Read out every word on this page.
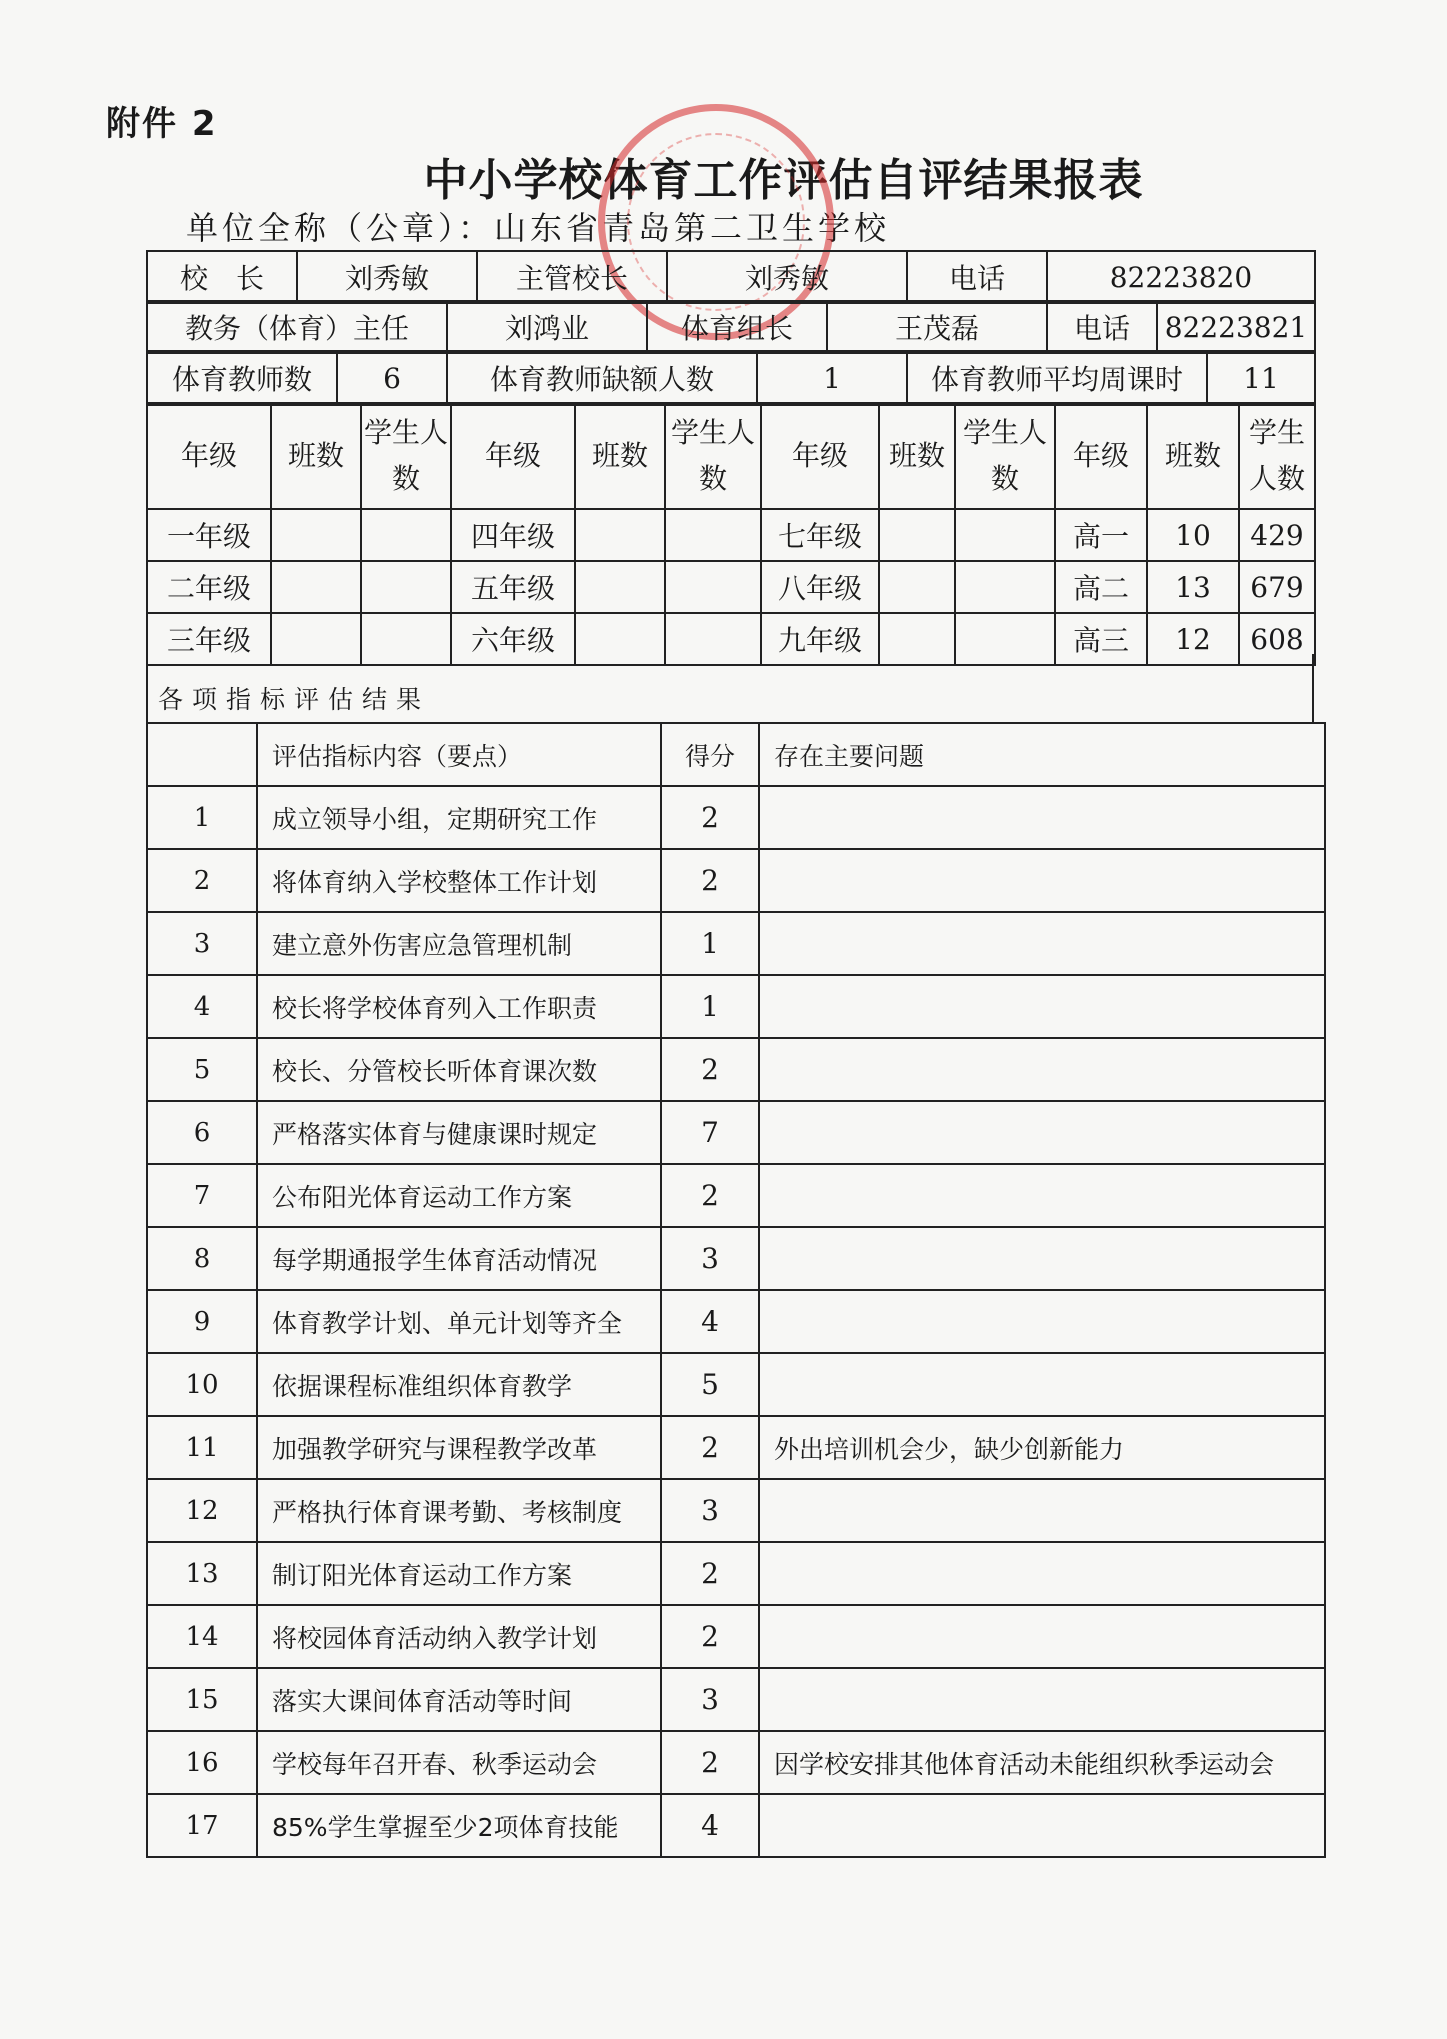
附件 2
中小学校体育工作评估自评结果报表
单位全称（公章）：山东省青岛第二卫生学校
校　长	刘秀敏	主管校长	刘秀敏	电话	82223820
教务（体育）主任	刘鸿业	体育组长	王茂磊	电话	82223821
体育教师数	6	体育教师缺额人数	1	体育教师平均周课时	11
年级	班数	学生人数	年级	班数	学生人数	年级	班数	学生人数	年级	班数	学生人数
一年级			四年级			七年级			高一	10	429
二年级			五年级			八年级			高二	13	679
三年级			六年级			九年级			高三	12	608
各项指标评估结果
	评估指标内容（要点）	得分	存在主要问题
1	成立领导小组，定期研究工作	2	
2	将体育纳入学校整体工作计划	2	
3	建立意外伤害应急管理机制	1	
4	校长将学校体育列入工作职责	1	
5	校长、分管校长听体育课次数	2	
6	严格落实体育与健康课时规定	7	
7	公布阳光体育运动工作方案	2	
8	每学期通报学生体育活动情况	3	
9	体育教学计划、单元计划等齐全	4	
10	依据课程标准组织体育教学	5	
11	加强教学研究与课程教学改革	2	外出培训机会少，缺少创新能力
12	严格执行体育课考勤、考核制度	3	
13	制订阳光体育运动工作方案	2	
14	将校园体育活动纳入教学计划	2	
15	落实大课间体育活动等时间	3	
16	学校每年召开春、秋季运动会	2	因学校安排其他体育活动未能组织秋季运动会
17	85%学生掌握至少2项体育技能	4	
